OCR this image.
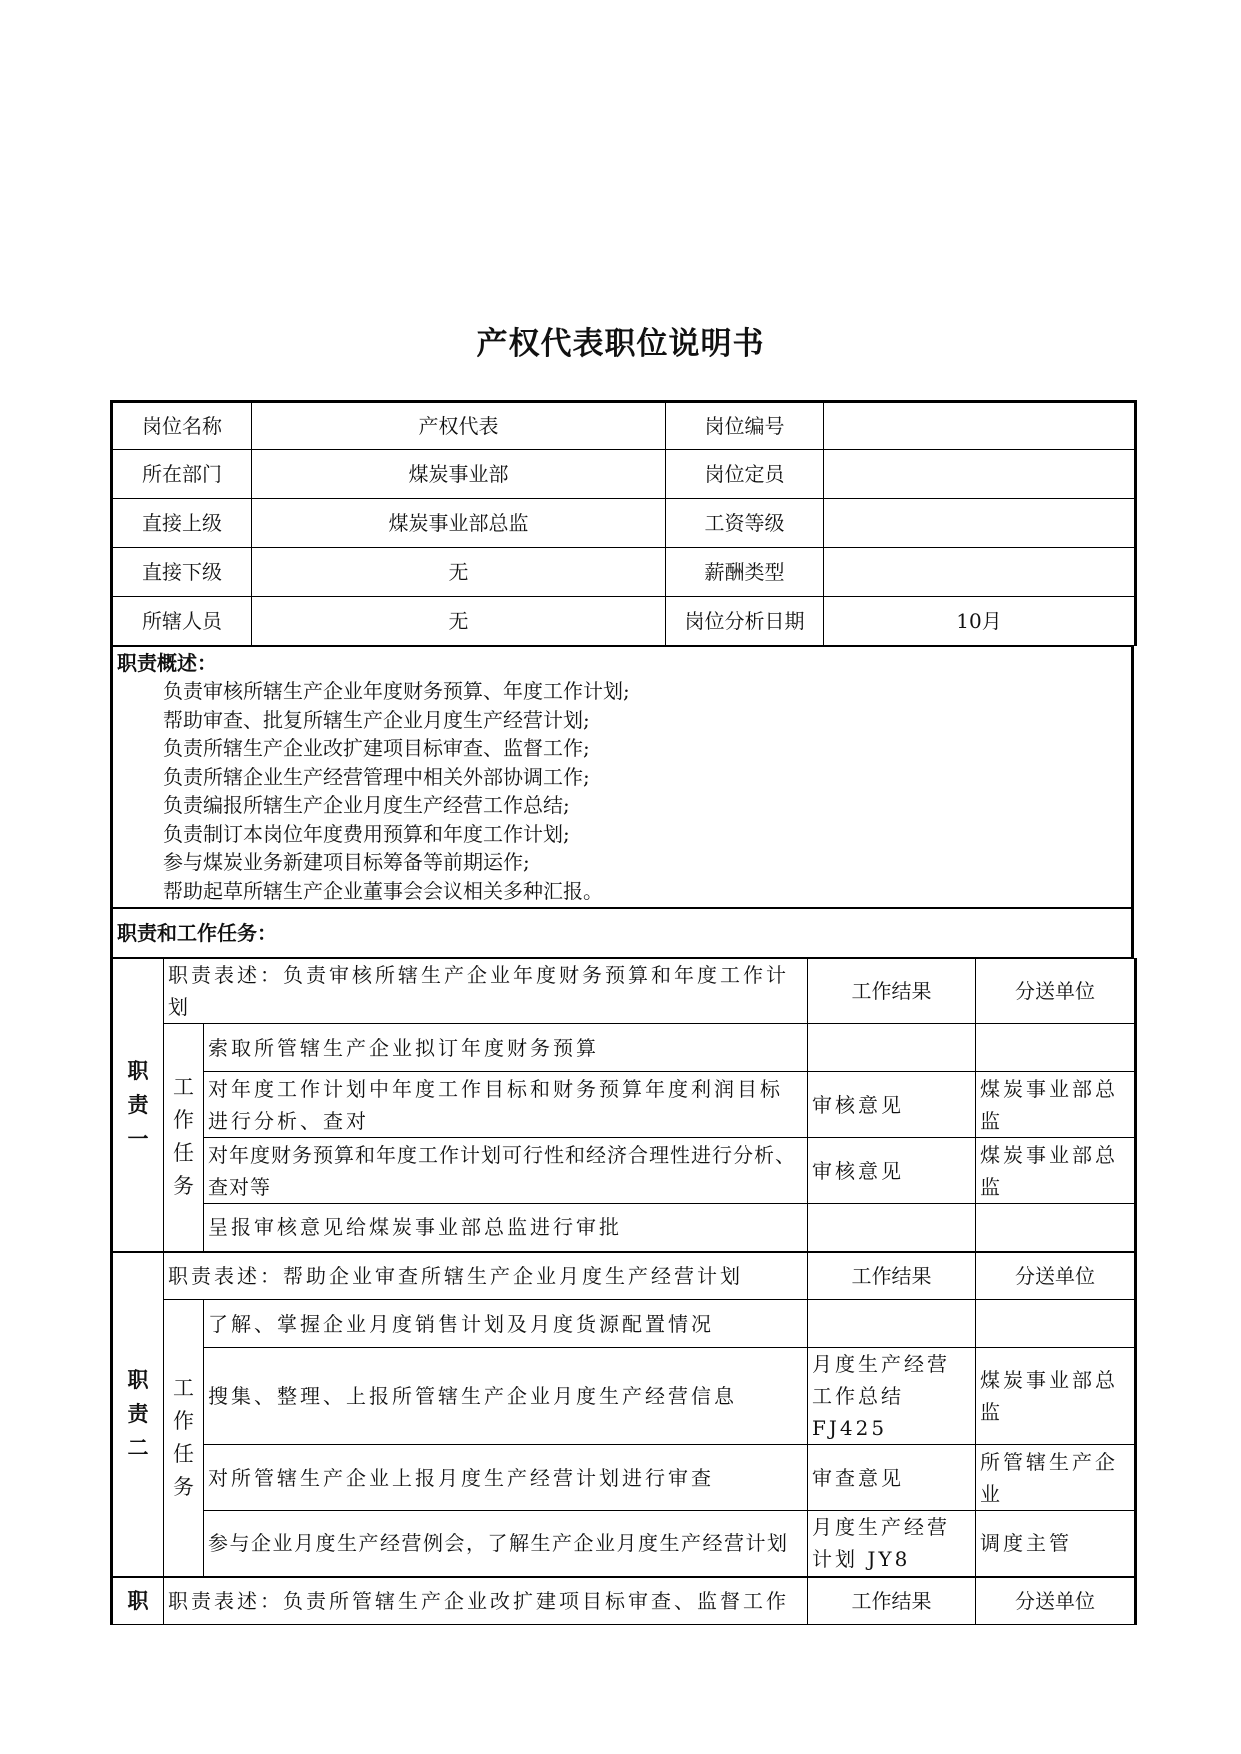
产权代表职位说明书
岗位名称	产权代表	岗位编号	
所在部门	煤炭事业部	岗位定员	
直接上级	煤炭事业部总监	工资等级	
直接下级	无	薪酬类型	
所辖人员	无	岗位分析日期	10月
职责概述：
负责审核所辖生产企业年度财务预算、年度工作计划;
帮助审查、批复所辖生产企业月度生产经营计划;
负责所辖生产企业改扩建项目标审查、监督工作;
负责所辖企业生产经营管理中相关外部协调工作;
负责编报所辖生产企业月度生产经营工作总结;
负责制订本岗位年度费用预算和年度工作计划;
参与煤炭业务新建项目标筹备等前期运作;
帮助起草所辖生产企业董事会会议相关多种汇报。

职责和工作任务：
职
责
一	职责表述：负责审核所辖生产企业年度财务预算和年度工作计划		工作结果	分送单位
	工
作
任
务	索取所管辖生产企业拟订年度财务预算		
		对年度工作计划中年度工作目标和财务预算年度利润目标进行分析、查对	审核意见	煤炭事业部总监
		对年度财务预算和年度工作计划可行性和经济合理性进行分析、查对等	审核意见	煤炭事业部总监
		呈报审核意见给煤炭事业部总监进行审批		
职
责
二	职责表述：帮助企业审查所辖生产企业月度生产经营计划		工作结果	分送单位
	工
作
任
务	了解、掌握企业月度销售计划及月度货源配置情况		
		搜集、整理、上报所管辖生产企业月度生产经营信息	月度生产经营工作总结 FJ425	煤炭事业部总监
		对所管辖生产企业上报月度生产经营计划进行审查	审查意见	所管辖生产企业
		参与企业月度生产经营例会，了解生产企业月度生产经营计划	月度生产经营计划 JY8	调度主管
职	职责表述：负责所管辖生产企业改扩建项目标审查、监督工作		工作结果	分送单位
